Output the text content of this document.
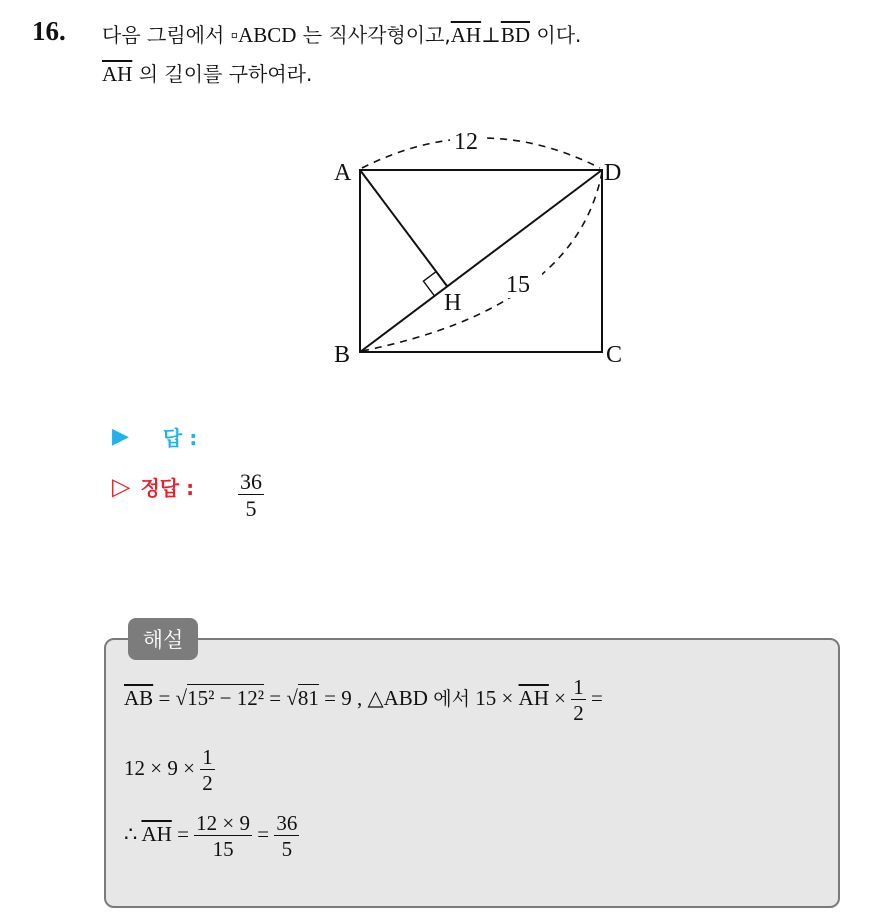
16. 다음 그림에서 ▫ABCD 는 직사각형이고$,\overline{AH}\perp\overline{BD}$ 이다.
$\overline{AH}$ 의 길이를 구하여라.
A	D
B	C
H
12
15
▶ 답 :
▷ 정답 : $\frac{36}{5}$
해설
$\overline{AB} = √15^2 - 12^2 = √81 = 9$ , △ABD 에서 $15 \times \overline{AH} \times \frac{1}{2}$ =
$12 \times 9 \times \frac{1}{2}$
∴ $\overline{AH} = \frac{12 \times 9}{15} = \frac{36}{5}$
